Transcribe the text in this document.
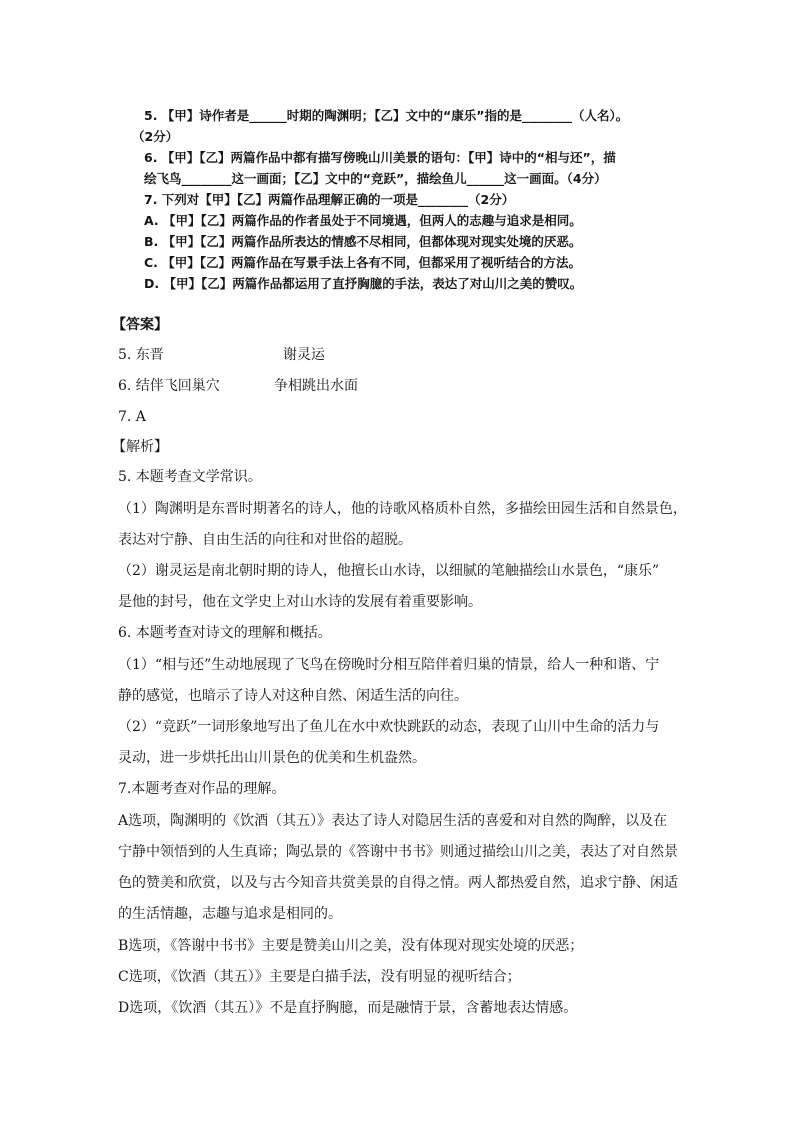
5. 【甲】诗作者是______时期的陶渊明；【乙】文中的“康乐”指的是________（人名）。
（2分）
6. 【甲】【乙】两篇作品中都有描写傍晚山川美景的语句：【甲】诗中的“相与还”，描
绘飞鸟________这一画面；【乙】文中的“竞跃”，描绘鱼儿______这一画面。（4分）
7. 下列对【甲】【乙】两篇作品理解正确的一项是________（2分）
A. 【甲】【乙】两篇作品的作者虽处于不同境遇，但两人的志趣与追求是相同。
B. 【甲】【乙】两篇作品所表达的情感不尽相同，但都体现对现实处境的厌恶。
C. 【甲】【乙】两篇作品在写景手法上各有不同，但都采用了视听结合的方法。
D. 【甲】【乙】两篇作品都运用了直抒胸臆的手法，表达了对山川之美的赞叹。
【答案】
5. 东晋	谢灵运
6. 结伴飞回巢穴	争相跳出水面
7. A
【解析】
5. 本题考查文学常识。
（1）陶渊明是东晋时期著名的诗人，他的诗歌风格质朴自然，多描绘田园生活和自然景色，
表达对宁静、自由生活的向往和对世俗的超脱。
（2）谢灵运是南北朝时期的诗人，他擅长山水诗，以细腻的笔触描绘山水景色，“康乐”
是他的封号，他在文学史上对山水诗的发展有着重要影响。
6. 本题考查对诗文的理解和概括。
（1）“相与还”生动地展现了飞鸟在傍晚时分相互陪伴着归巢的情景，给人一种和谐、宁
静的感觉，也暗示了诗人对这种自然、闲适生活的向往。
（2）“竞跃”一词形象地写出了鱼儿在水中欢快跳跃的动态，表现了山川中生命的活力与
灵动，进一步烘托出山川景色的优美和生机盎然。
7.本题考查对作品的理解。
A选项，陶渊明的《饮酒（其五）》表达了诗人对隐居生活的喜爱和对自然的陶醉，以及在
宁静中领悟到的人生真谛；陶弘景的《答谢中书书》则通过描绘山川之美，表达了对自然景
色的赞美和欣赏，以及与古今知音共赏美景的自得之情。两人都热爱自然，追求宁静、闲适
的生活情趣，志趣与追求是相同的。
B选项，《答谢中书书》主要是赞美山川之美，没有体现对现实处境的厌恶；
C选项，《饮酒（其五）》主要是白描手法，没有明显的视听结合；
D选项，《饮酒（其五）》不是直抒胸臆，而是融情于景，含蓄地表达情感。
